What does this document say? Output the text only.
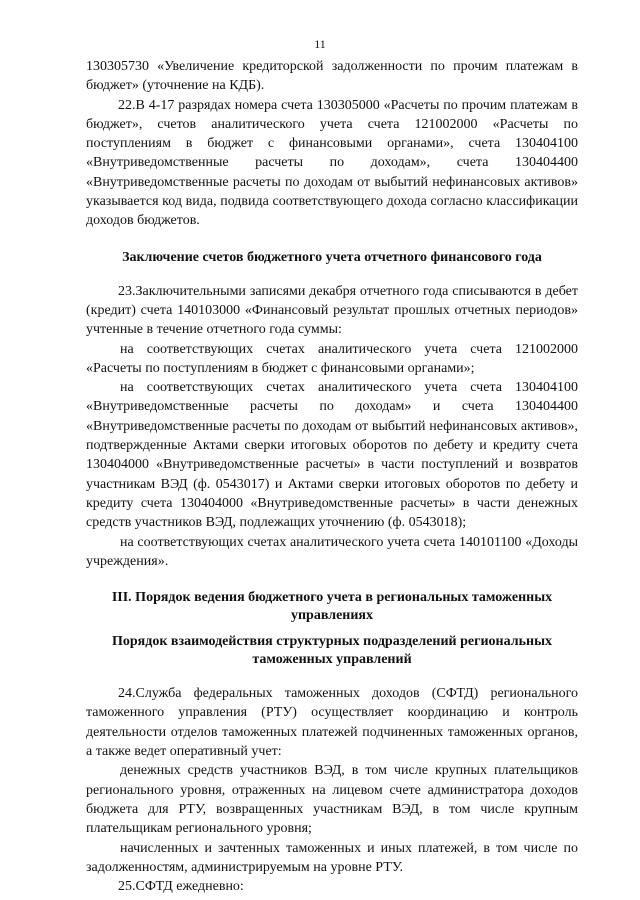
11

130305730 «Увеличение кредиторской задолженности по прочим платежам в бюджет» (уточнение на КДБ).

22.В 4-17 разрядах номера счета 130305000 «Расчеты по прочим платежам в бюджет», счетов аналитического учета счета 121002000 «Расчеты по поступлениям в бюджет с финансовыми органами», счета 130404100 «Внутриведомственные расчеты по доходам», счета 130404400 «Внутриведомственные расчеты по доходам от выбытий нефинансовых активов» указывается код вида, подвида соответствующего дохода согласно классификации доходов бюджетов.

Заключение счетов бюджетного учета отчетного финансового года

23.Заключительными записями декабря отчетного года списываются в дебет (кредит) счета 140103000 «Финансовый результат прошлых отчетных периодов» учтенные в течение отчетного года суммы:

на соответствующих счетах аналитического учета счета 121002000 «Расчеты по поступлениям в бюджет с финансовыми органами»;

на соответствующих счетах аналитического учета счета 130404100 «Внутриведомственные расчеты по доходам» и счета 130404400 «Внутриведомственные расчеты по доходам от выбытий нефинансовых активов», подтвержденные Актами сверки итоговых оборотов по дебету и кредиту счета 130404000 «Внутриведомственные расчеты» в части поступлений и возвратов участникам ВЭД (ф. 0543017) и Актами сверки итоговых оборотов по дебету и кредиту счета 130404000 «Внутриведомственные расчеты» в части денежных средств участников ВЭД, подлежащих уточнению (ф. 0543018);

на соответствующих счетах аналитического учета счета 140101100 «Доходы учреждения».

III. Порядок ведения бюджетного учета в региональных таможенных управлениях

Порядок взаимодействия структурных подразделений региональных таможенных управлений

24.Служба федеральных таможенных доходов (СФТД) регионального таможенного управления (РТУ) осуществляет координацию и контроль деятельности отделов таможенных платежей подчиненных таможенных органов, а также ведет оперативный учет:

денежных средств участников ВЭД, в том числе крупных плательщиков регионального уровня, отраженных на лицевом счете администратора доходов бюджета для РТУ, возвращенных участникам ВЭД, в том числе крупным плательщикам регионального уровня;

начисленных и зачтенных таможенных и иных платежей, в том числе по задолженностям, администрируемым на уровне РТУ.

25.СФТД ежедневно:
